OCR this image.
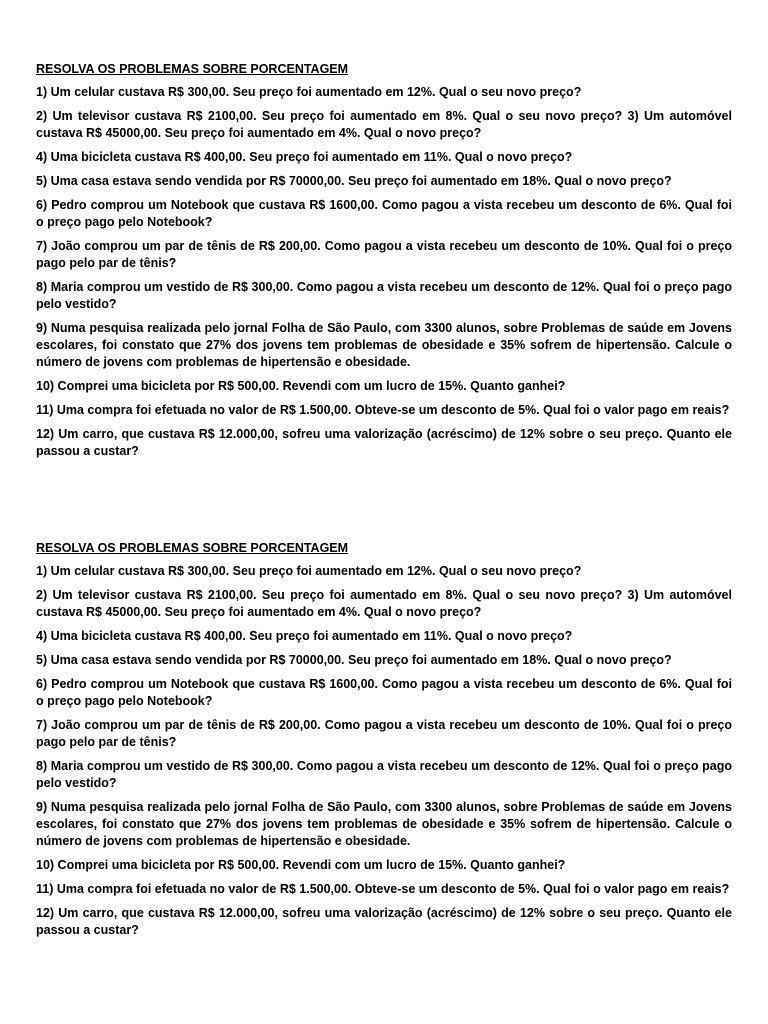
RESOLVA OS PROBLEMAS SOBRE PORCENTAGEM
1) Um celular custava R$ 300,00. Seu preço foi aumentado em 12%. Qual o seu novo preço?
2) Um televisor custava R$ 2100,00. Seu preço foi aumentado em 8%. Qual o seu novo preço? 3) Um automóvel custava R$ 45000,00. Seu preço foi aumentado em 4%. Qual o novo preço?
4) Uma bicicleta custava R$ 400,00. Seu preço foi aumentado em 11%. Qual o novo preço?
5) Uma casa estava sendo vendida por R$ 70000,00. Seu preço foi aumentado em 18%. Qual o novo preço?
6) Pedro comprou um Notebook que custava R$ 1600,00. Como pagou a vista recebeu um desconto de 6%. Qual foi o preço pago pelo Notebook?
7) João comprou um par de tênis de R$ 200,00. Como pagou a vista recebeu um desconto de 10%. Qual foi o preço pago pelo par de tênis?
8) Maria comprou um vestido de R$ 300,00. Como pagou a vista recebeu um desconto de 12%. Qual foi o preço pago pelo vestido?
9) Numa pesquisa realizada pelo jornal Folha de São Paulo, com 3300 alunos, sobre Problemas de saúde em Jovens escolares, foi constato que 27% dos jovens tem problemas de obesidade e 35% sofrem de hipertensão. Calcule o número de jovens com problemas de hipertensão e obesidade.
10) Comprei uma bicicleta por R$ 500,00. Revendi com um lucro de 15%. Quanto ganhei?
11) Uma compra foi efetuada no valor de R$ 1.500,00. Obteve-se um desconto de 5%. Qual foi o valor pago em reais?
12) Um carro, que custava R$ 12.000,00, sofreu uma valorização (acréscimo) de 12% sobre o seu preço. Quanto ele passou a custar?
RESOLVA OS PROBLEMAS SOBRE PORCENTAGEM
1) Um celular custava R$ 300,00. Seu preço foi aumentado em 12%. Qual o seu novo preço?
2) Um televisor custava R$ 2100,00. Seu preço foi aumentado em 8%. Qual o seu novo preço? 3) Um automóvel custava R$ 45000,00. Seu preço foi aumentado em 4%. Qual o novo preço?
4) Uma bicicleta custava R$ 400,00. Seu preço foi aumentado em 11%. Qual o novo preço?
5) Uma casa estava sendo vendida por R$ 70000,00. Seu preço foi aumentado em 18%. Qual o novo preço?
6) Pedro comprou um Notebook que custava R$ 1600,00. Como pagou a vista recebeu um desconto de 6%. Qual foi o preço pago pelo Notebook?
7) João comprou um par de tênis de R$ 200,00. Como pagou a vista recebeu um desconto de 10%. Qual foi o preço pago pelo par de tênis?
8) Maria comprou um vestido de R$ 300,00. Como pagou a vista recebeu um desconto de 12%. Qual foi o preço pago pelo vestido?
9) Numa pesquisa realizada pelo jornal Folha de São Paulo, com 3300 alunos, sobre Problemas de saúde em Jovens escolares, foi constato que 27% dos jovens tem problemas de obesidade e 35% sofrem de hipertensão. Calcule o número de jovens com problemas de hipertensão e obesidade.
10) Comprei uma bicicleta por R$ 500,00. Revendi com um lucro de 15%. Quanto ganhei?
11) Uma compra foi efetuada no valor de R$ 1.500,00. Obteve-se um desconto de 5%. Qual foi o valor pago em reais?
12) Um carro, que custava R$ 12.000,00, sofreu uma valorização (acréscimo) de 12% sobre o seu preço. Quanto ele passou a custar?
